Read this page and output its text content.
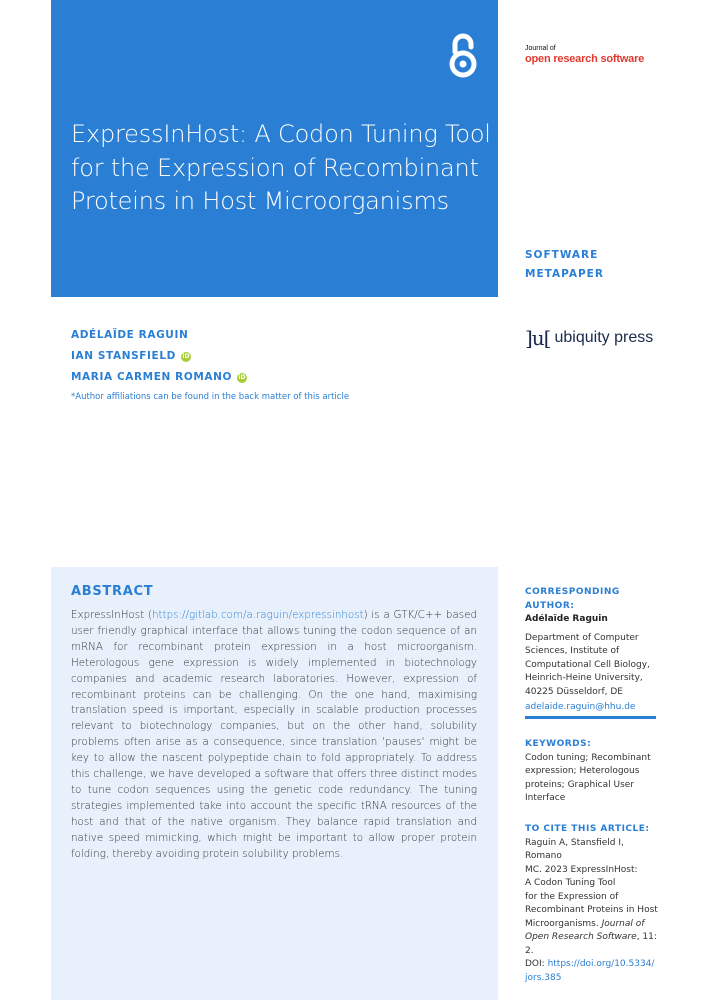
ExpressInHost: A Codon Tuning Tool for the Expression of Recombinant Proteins in Host Microorganisms
Journal of
open research software
SOFTWARE
METAPAPER
ADÉLAÏDE RAGUIN
IAN STANSFIELD iD
MARIA CARMEN ROMANO iD
*Author affiliations can be found in the back matter of this article
]u[ ubiquity press
ABSTRACT

ExpressInHost (https://gitlab.com/a.raguin/expressinhost) is a GTK/C++ based user friendly graphical interface that allows tuning the codon sequence of an mRNA for recombinant protein expression in a host microorganism. Heterologous gene expression is widely implemented in biotechnology companies and academic research laboratories. However, expression of recombinant proteins can be challenging. On the one hand, maximising translation speed is important, especially in scalable production processes relevant to biotechnology companies, but on the other hand, solubility problems often arise as a consequence, since translation 'pauses' might be key to allow the nascent polypeptide chain to fold appropriately. To address this challenge, we have developed a software that offers three distinct modes to tune codon sequences using the genetic code redundancy. The tuning strategies implemented take into account the specific tRNA resources of the host and that of the native organism. They balance rapid translation and native speed mimicking, which might be important to allow proper protein folding, thereby avoiding protein solubility problems.

CORRESPONDING AUTHOR:
Adélaïde Raguin
Department of Computer
Sciences, Institute of
Computational Cell Biology,
Heinrich-Heine University,
40225 Düsseldorf, DE
adelaide.raguin@hhu.de
KEYWORDS:
Codon tuning; Recombinant
expression; Heterologous
proteins; Graphical User
Interface
TO CITE THIS ARTICLE:
Raguin A, Stansfield I, Romano
MC. 2023 ExpressInHost:
A Codon Tuning Tool
for the Expression of
Recombinant Proteins in Host
Microorganisms. Journal of
Open Research Software, 11: 2.
DOI: https://doi.org/10.5334/
jors.385
